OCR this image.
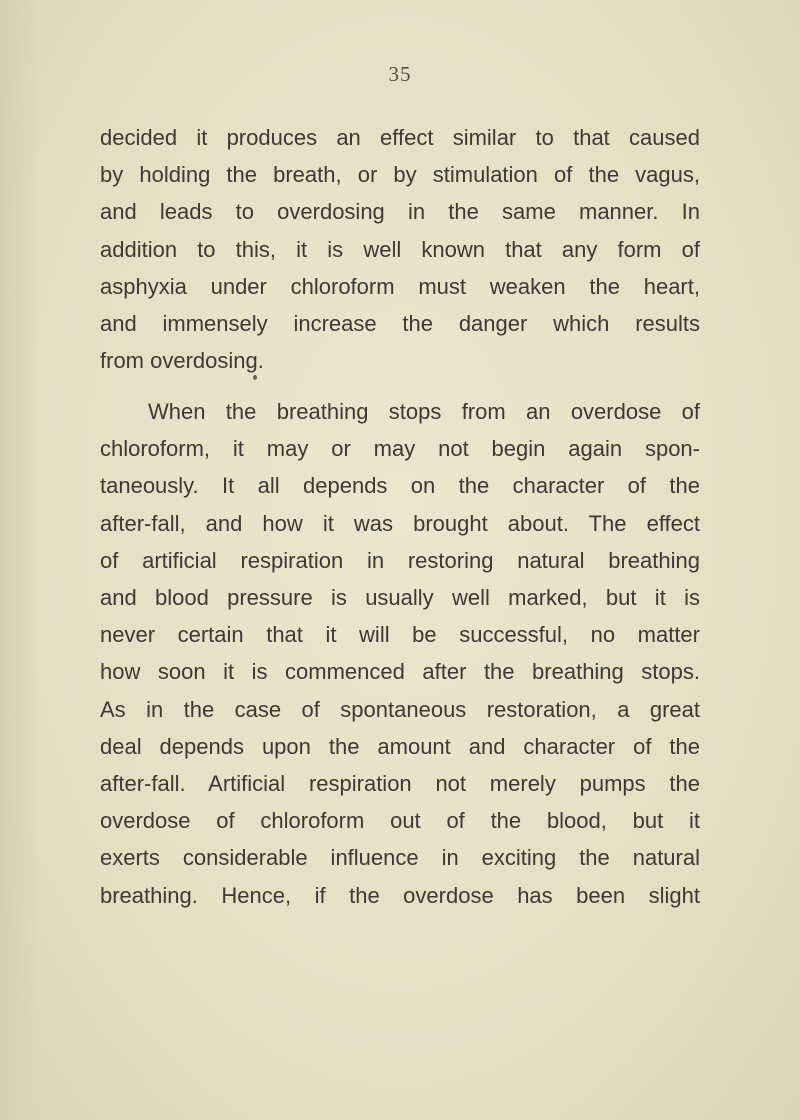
35
decided it produces an effect similar to that caused
by holding the breath, or by stimulation of the vagus,
and leads to overdosing in the same manner. In
addition to this, it is well known that any form of
asphyxia under chloroform must weaken the heart,
and immensely increase the danger which results
from overdosing.
When the breathing stops from an overdose of
chloroform, it may or may not begin again spon-
taneously. It all depends on the character of the
after-fall, and how it was brought about. The effect
of artificial respiration in restoring natural breathing
and blood pressure is usually well marked, but it is
never certain that it will be successful, no matter
how soon it is commenced after the breathing stops.
As in the case of spontaneous restoration, a great
deal depends upon the amount and character of the
after-fall. Artificial respiration not merely pumps the
overdose of chloroform out of the blood, but it
exerts considerable influence in exciting the natural
breathing. Hence, if the overdose has been slight
